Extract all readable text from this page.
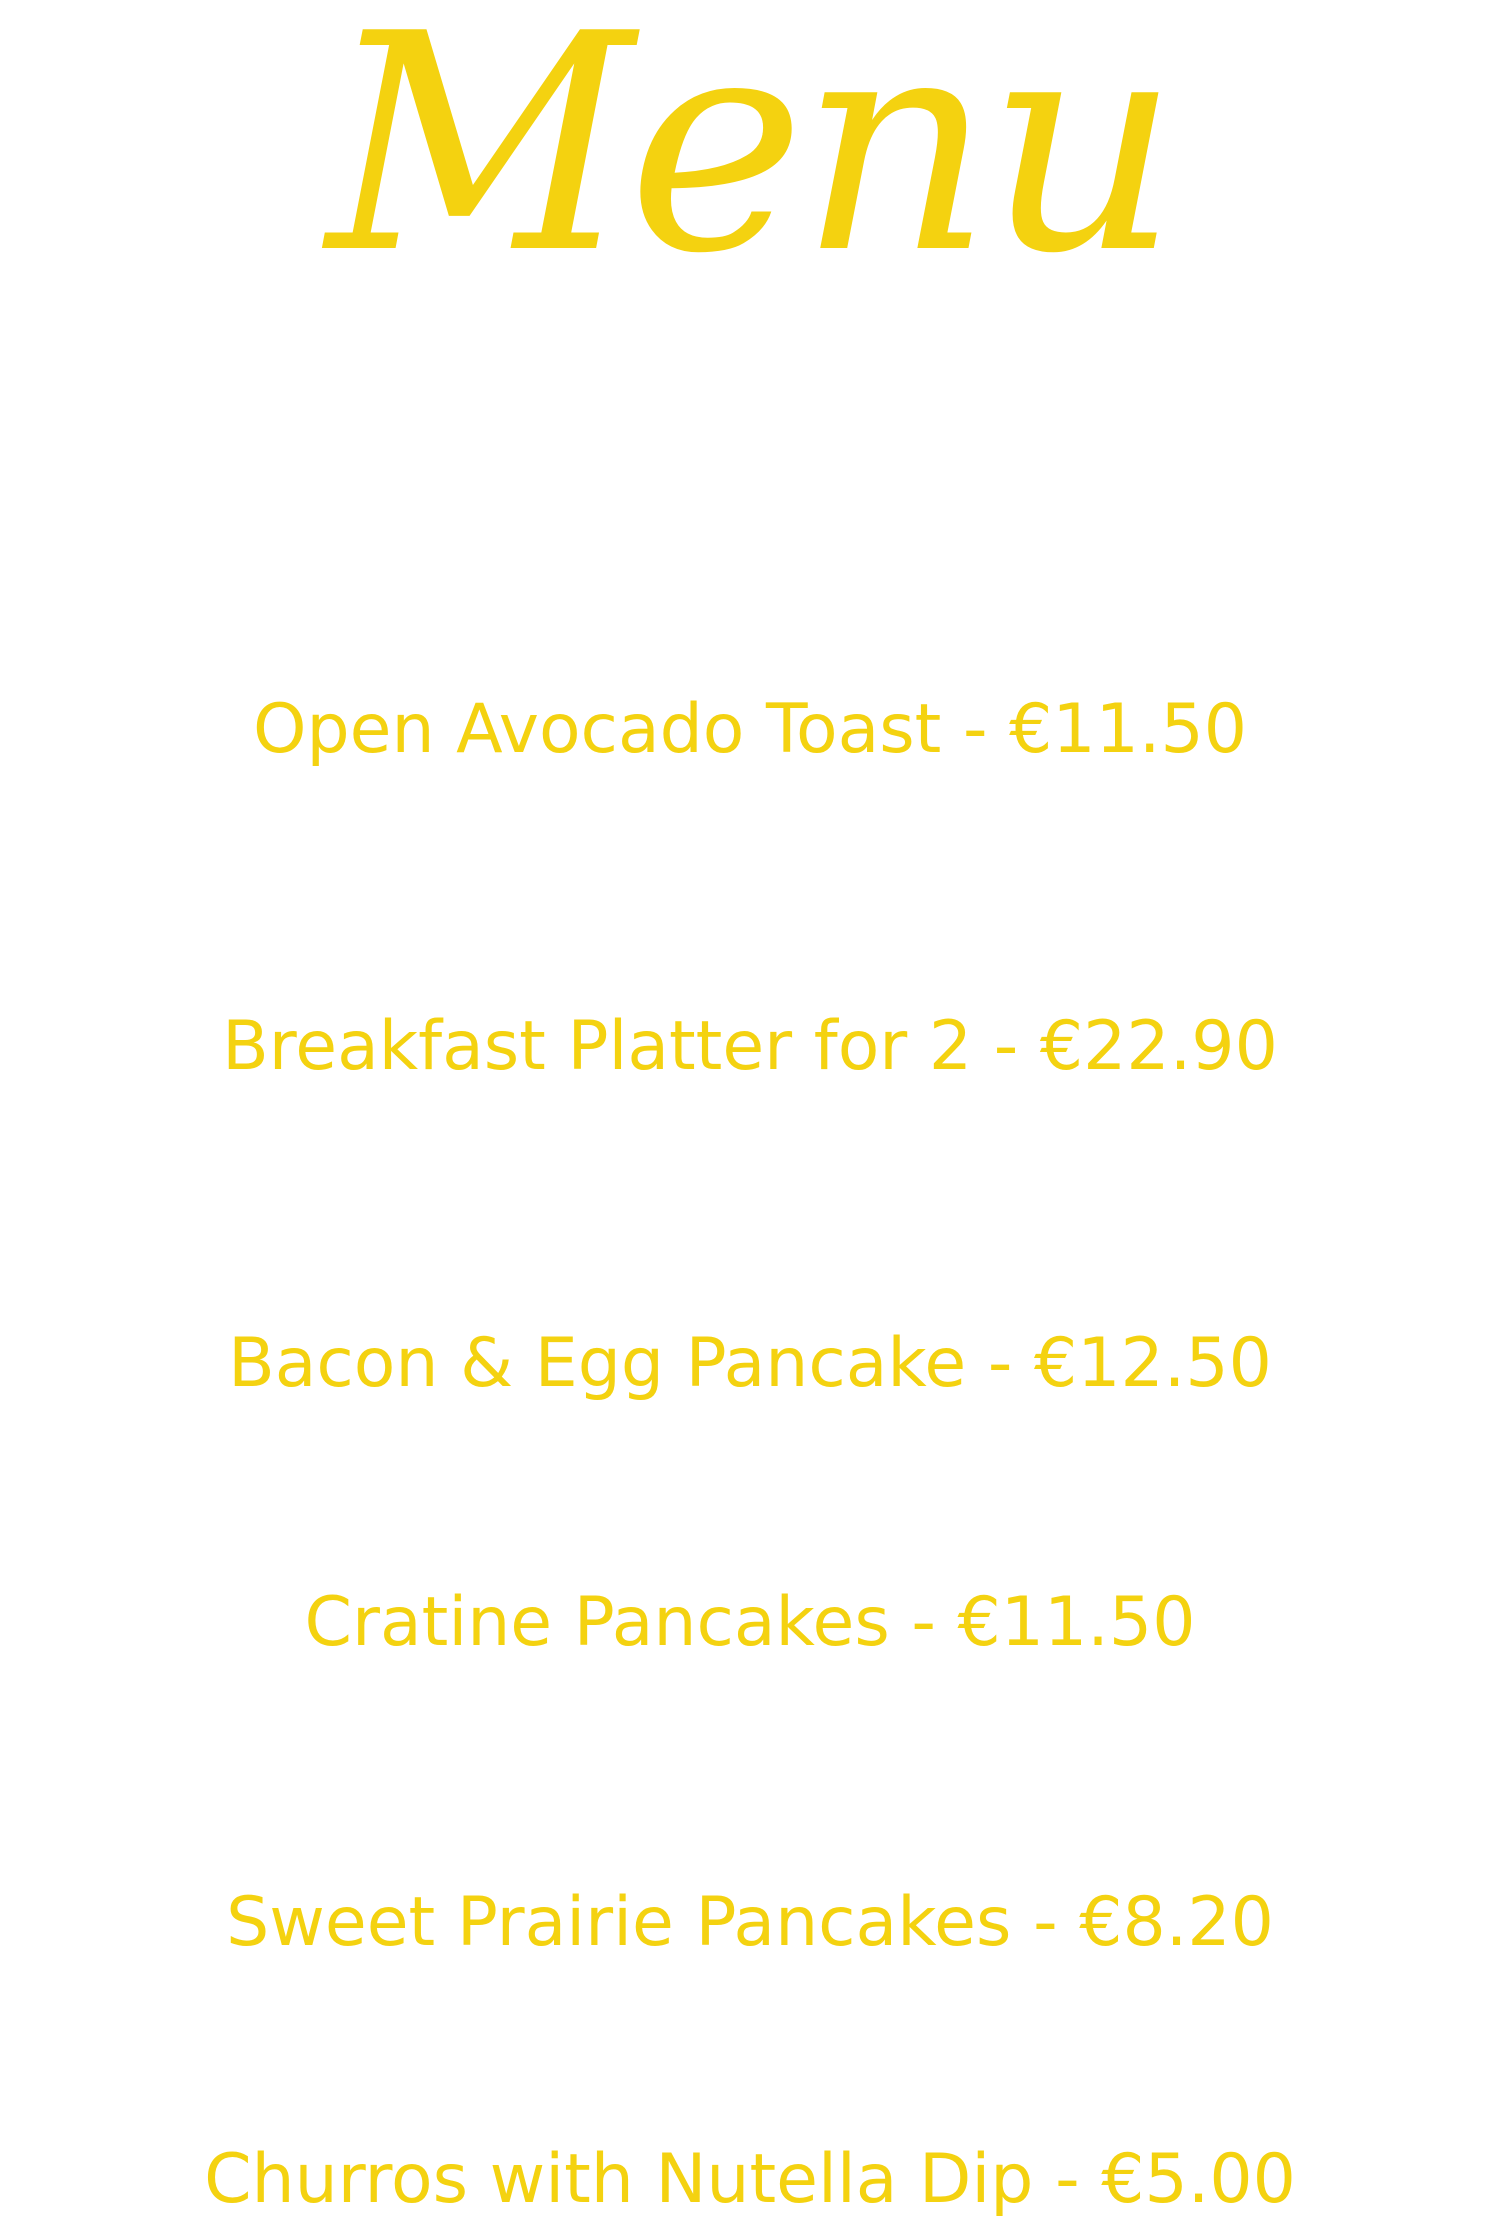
Menu
BRUNCH
Open Avocado Toast - €11.50
Two bread slices with avocado, seasoned feta crumbs, topped with two poached eggs & rocket salad
Breakfast Platter for 2 - €22.90
Bread platter for two: Baked eggs, Cyprus sausage, grilled cheese, olives, feta, vegetables, fruits & bread with butter
Bacon & Egg Pancake - €12.50
Double pancake with baked bacon & egg
Cratine Pancakes - €11.50
Fluffy pancakes with fruits of the forest, feta cheese and honey drizzle
Sweet Prairie Pancakes - €8.20
Nutella & fruit pancake
Churros with Nutella Dip - €5.00
